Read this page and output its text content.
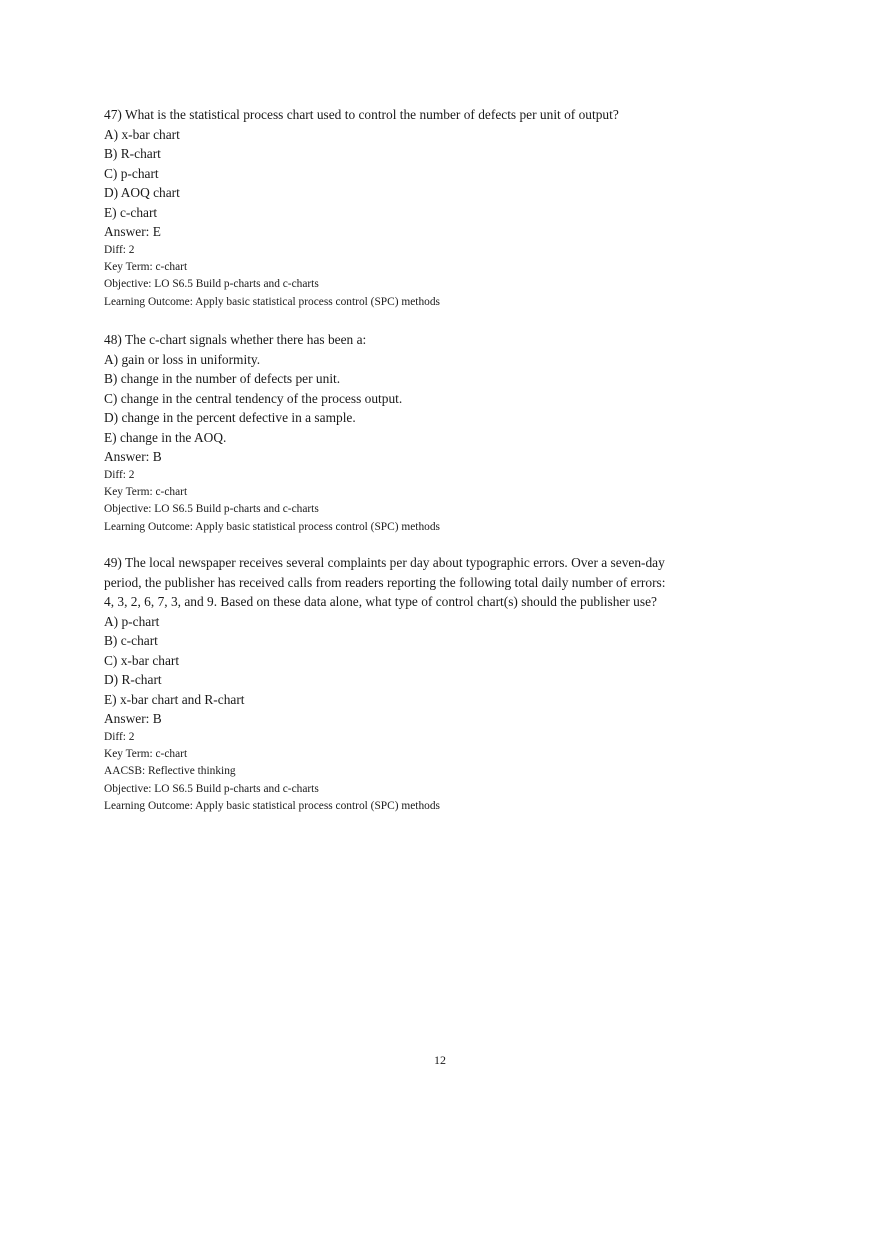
47) What is the statistical process chart used to control the number of defects per unit of output?
A) x-bar chart
B) R-chart
C) p-chart
D) AOQ chart
E) c-chart
Answer: E
Diff: 2
Key Term: c-chart
Objective: LO S6.5 Build p-charts and c-charts
Learning Outcome: Apply basic statistical process control (SPC) methods
48) The c-chart signals whether there has been a:
A) gain or loss in uniformity.
B) change in the number of defects per unit.
C) change in the central tendency of the process output.
D) change in the percent defective in a sample.
E) change in the AOQ.
Answer: B
Diff: 2
Key Term: c-chart
Objective: LO S6.5 Build p-charts and c-charts
Learning Outcome: Apply basic statistical process control (SPC) methods
49) The local newspaper receives several complaints per day about typographic errors. Over a seven-day
period, the publisher has received calls from readers reporting the following total daily number of errors:
4, 3, 2, 6, 7, 3, and 9. Based on these data alone, what type of control chart(s) should the publisher use?
A) p-chart
B) c-chart
C) x-bar chart
D) R-chart
E) x-bar chart and R-chart
Answer: B
Diff: 2
Key Term: c-chart
AACSB: Reflective thinking
Objective: LO S6.5 Build p-charts and c-charts
Learning Outcome: Apply basic statistical process control (SPC) methods
12
